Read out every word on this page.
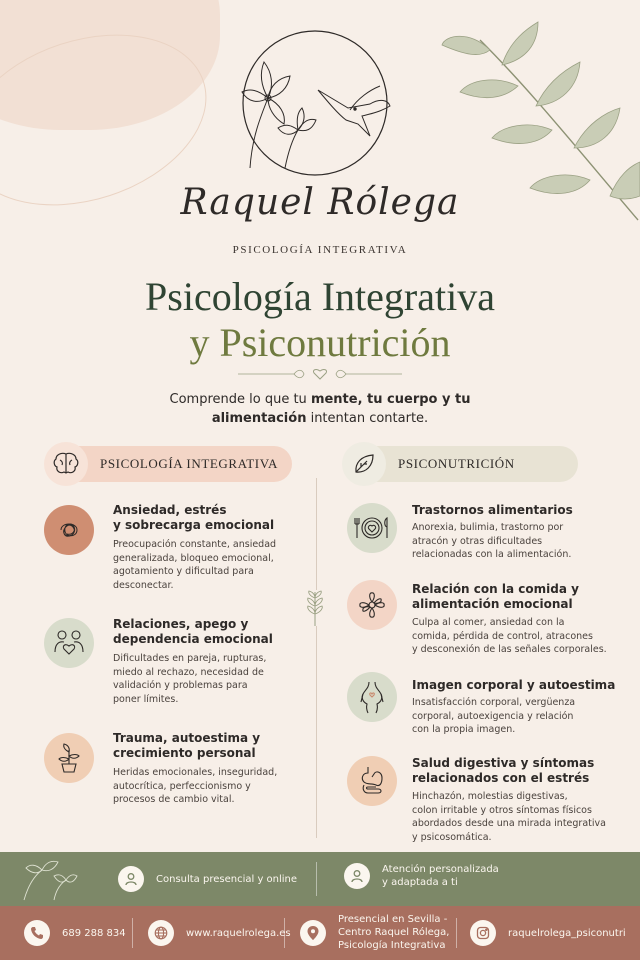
Raquel Rólega
PSICOLOGÍA INTEGRATIVA
Psicología Integrativa
y Psiconutrición
Comprende lo que tu mente, tu cuerpo y tu
alimentación intentan contarte.
PSICOLOGÍA INTEGRATIVA	PSICONUTRICIÓN
Ansiedad, estrés
y sobrecarga emocional
Preocupación constante, ansiedad
generalizada, bloqueo emocional,
agotamiento y dificultad para
desconectar.
Relaciones, apego y
dependencia emocional
Dificultades en pareja, rupturas,
miedo al rechazo, necesidad de
validación y problemas para
poner límites.
Trauma, autoestima y
crecimiento personal
Heridas emocionales, inseguridad,
autocrítica, perfeccionismo y
procesos de cambio vital.
Trastornos alimentarios
Anorexia, bulimia, trastorno por
atracón y otras dificultades
relacionadas con la alimentación.
Relación con la comida y
alimentación emocional
Culpa al comer, ansiedad con la
comida, pérdida de control, atracones
y desconexión de las señales corporales.
Imagen corporal y autoestima
Insatisfacción corporal, vergüenza
corporal, autoexigencia y relación
con la propia imagen.
Salud digestiva y síntomas
relacionados con el estrés
Hinchazón, molestias digestivas,
colon irritable y otros síntomas físicos
abordados desde una mirada integrativa
y psicosomática.
Consulta presencial y online
Atención personalizada
y adaptada a ti
689 288 834	www.raquelrolega.es
Presencial en Sevilla -
Centro Raquel Rólega,
Psicología Integrativa
raquelrolega_psiconutri
